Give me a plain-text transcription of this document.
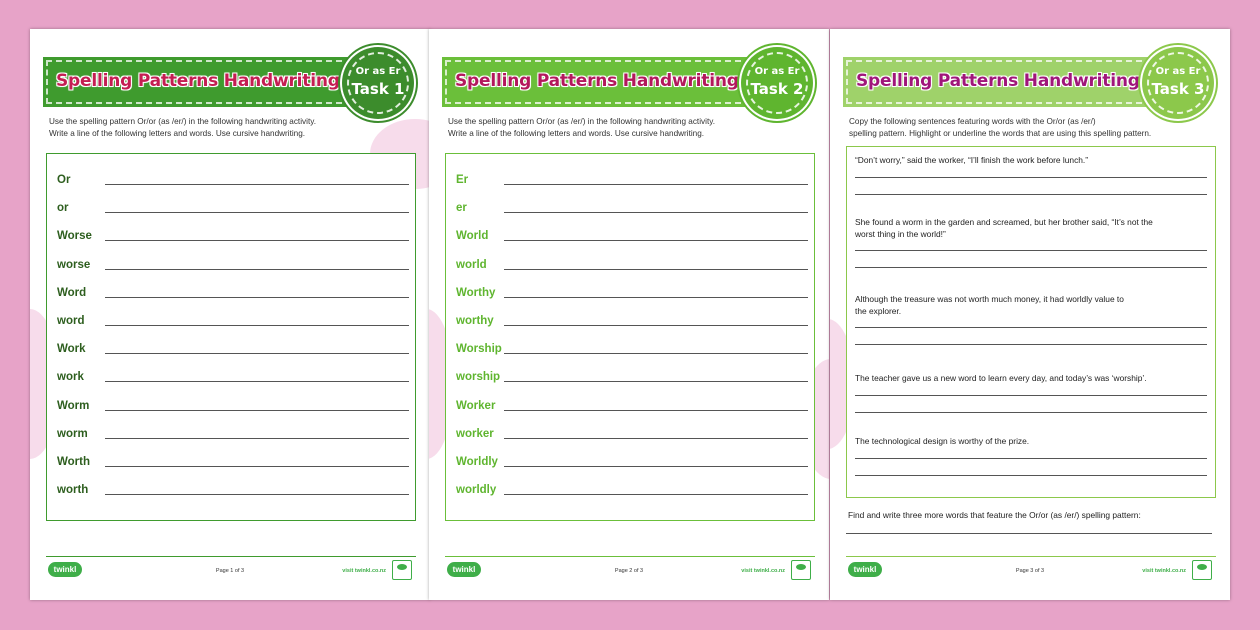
Spelling Patterns Handwriting	Or as Er
Task 1
Use the spelling pattern Or/or (as /er/) in the following handwriting activity.
Write a line of the following letters and words. Use cursive handwriting.
Or
or
Worse
worse
Word
word
Work
work
Worm
worm
Worth
worth
twinkl	Page 1 of 3	visit twinkl.co.nz
Spelling Patterns Handwriting	Or as Er
Task 2
Use the spelling pattern Or/or (as /er/) in the following handwriting activity.
Write a line of the following letters and words. Use cursive handwriting.
Er
er
World
world
Worthy
worthy
Worship
worship
Worker
worker
Worldly
worldly
twinkl	Page 2 of 3	visit twinkl.co.nz
Spelling Patterns Handwriting	Or as Er
Task 3
Copy the following sentences featuring words with the Or/or (as /er/)
spelling pattern. Highlight or underline the words that are using this spelling pattern.
“Don’t worry,” said the worker, “I’ll finish the work before lunch.”
She found a worm in the garden and screamed, but her brother said, “It’s not the
worst thing in the world!”
Although the treasure was not worth much money, it had worldly value to
the explorer.
The teacher gave us a new word to learn every day, and today’s was ‘worship’.
The technological design is worthy of the prize.
Find and write three more words that feature the Or/or (as /er/) spelling pattern:
twinkl	Page 3 of 3	visit twinkl.co.nz
